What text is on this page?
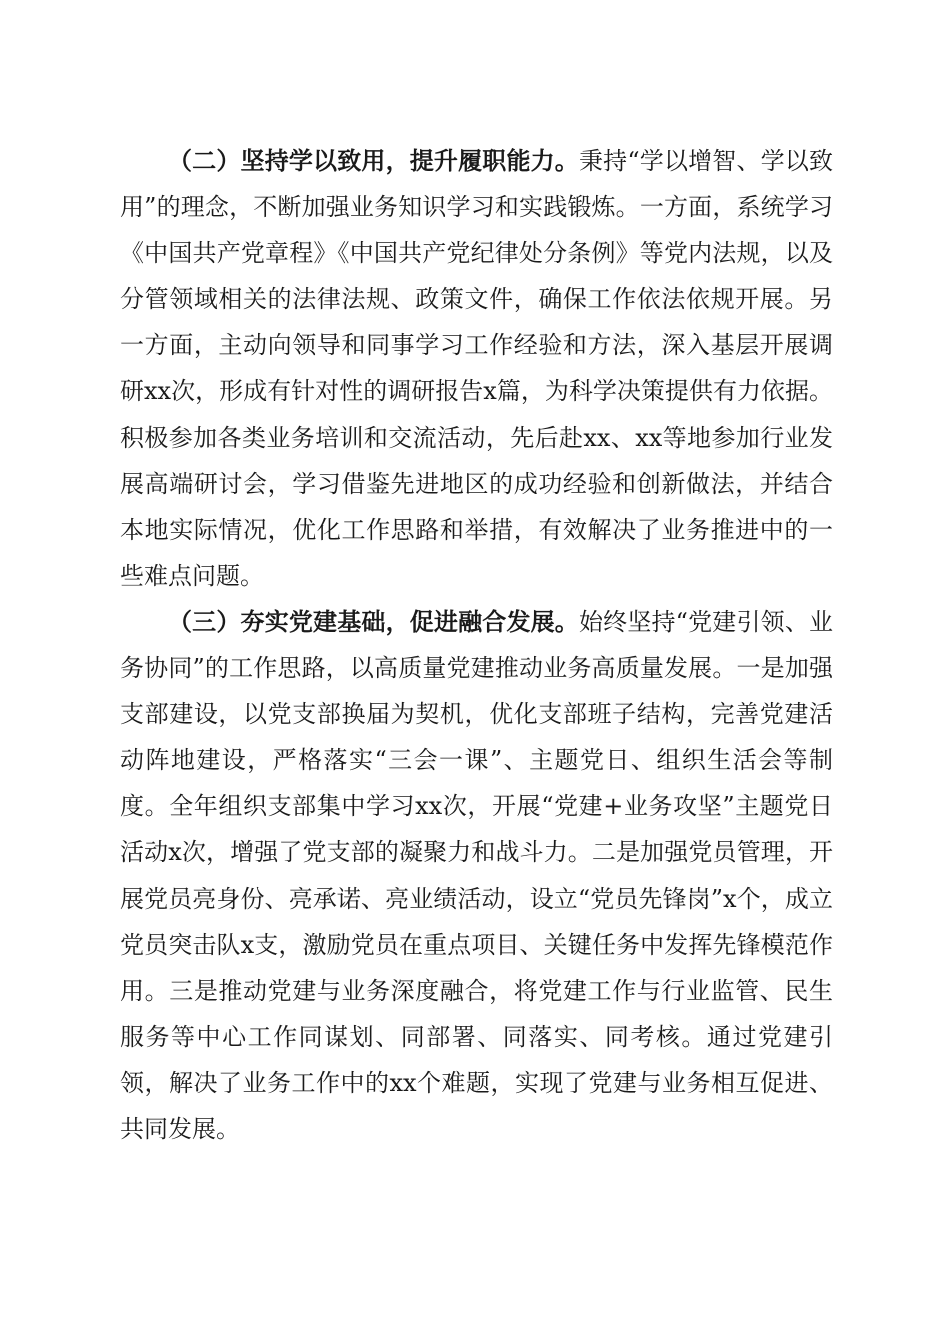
（二）坚持学以致用，提升履职能力。秉持“学以增智、学以致用”的理念，不断加强业务知识学习和实践锻炼。一方面，系统学习《中国共产党章程》《中国共产党纪律处分条例》等党内法规，以及分管领域相关的法律法规、政策文件，确保工作依法依规开展。另一方面，主动向领导和同事学习工作经验和方法，深入基层开展调研xx次，形成有针对性的调研报告x篇，为科学决策提供有力依据。积极参加各类业务培训和交流活动，先后赴xx、xx等地参加行业发展高端研讨会，学习借鉴先进地区的成功经验和创新做法，并结合本地实际情况，优化工作思路和举措，有效解决了业务推进中的一些难点问题。

（三）夯实党建基础，促进融合发展。始终坚持“党建引领、业务协同”的工作思路，以高质量党建推动业务高质量发展。一是加强支部建设，以党支部换届为契机，优化支部班子结构，完善党建活动阵地建设，严格落实“三会一课”、主题党日、组织生活会等制度。全年组织支部集中学习xx次，开展“党建+业务攻坚”主题党日活动x次，增强了党支部的凝聚力和战斗力。二是加强党员管理，开展党员亮身份、亮承诺、亮业绩活动，设立“党员先锋岗”x个，成立党员突击队x支，激励党员在重点项目、关键任务中发挥先锋模范作用。三是推动党建与业务深度融合，将党建工作与行业监管、民生服务等中心工作同谋划、同部署、同落实、同考核。通过党建引领，解决了业务工作中的xx个难题，实现了党建与业务相互促进、共同发展。
